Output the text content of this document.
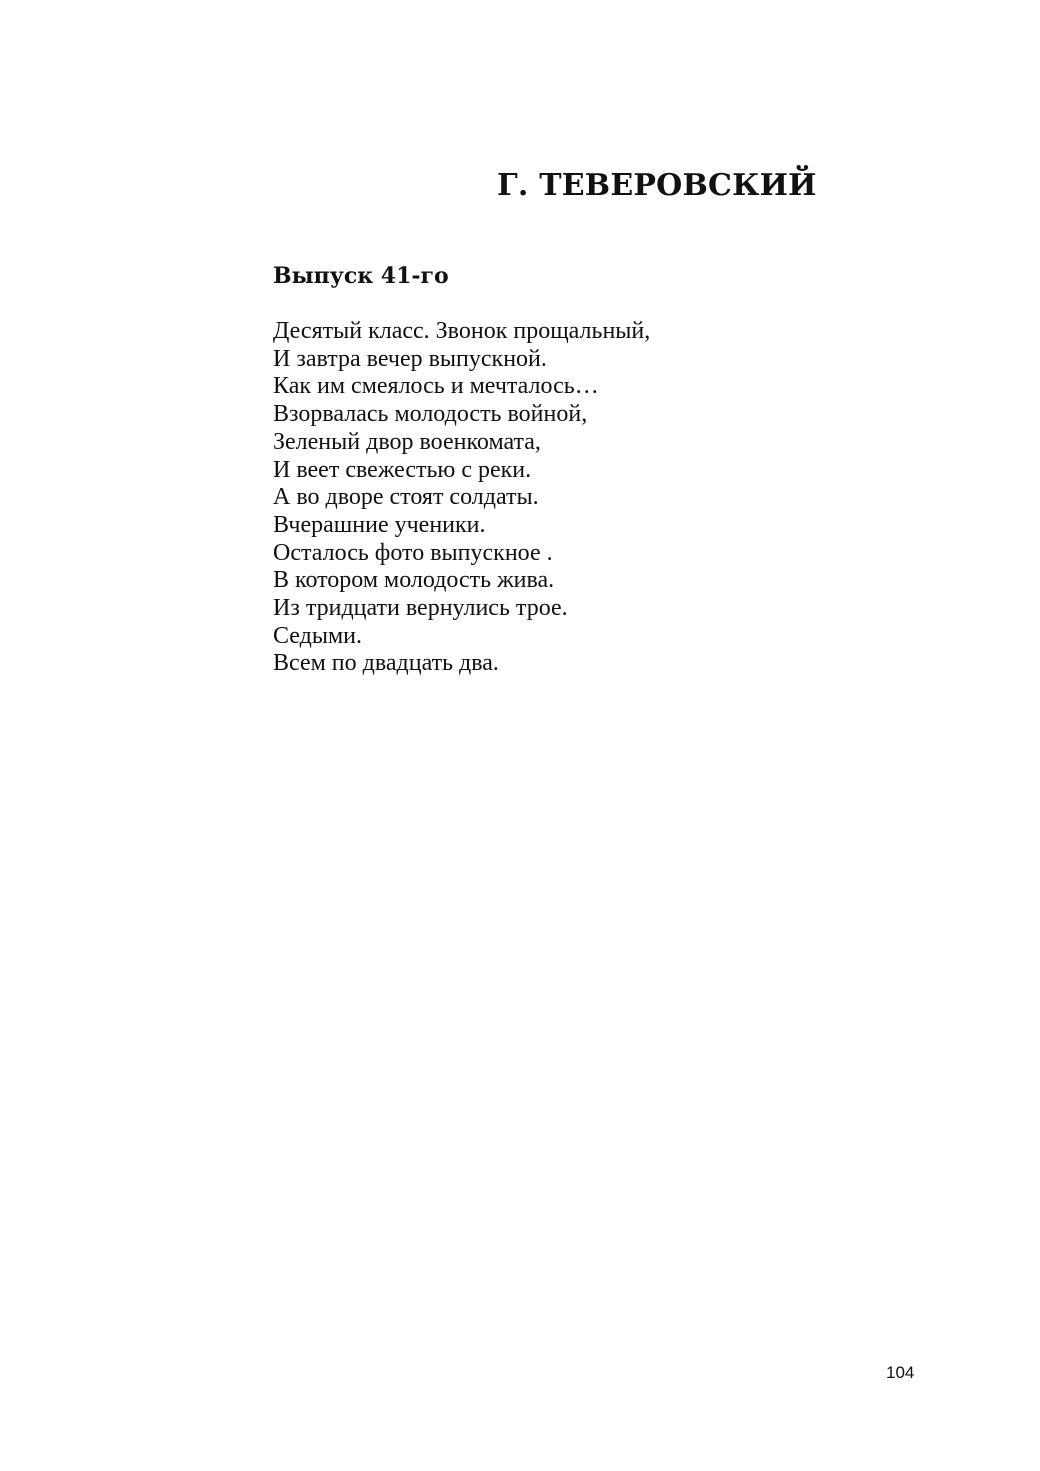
Г. ТЕВЕРОВСКИЙ
Выпуск 41-го
Десятый класс. Звонок прощальный,
И завтра вечер выпускной.
Как им смеялось и мечталось…
Взорвалась молодость войной,
Зеленый двор военкомата,
И веет свежестью с реки.
А во дворе стоят солдаты.
Вчерашние ученики.
Осталось фото выпускное .
В котором молодость жива.
Из тридцати вернулись трое.
Седыми.
Всем по двадцать два.
104
